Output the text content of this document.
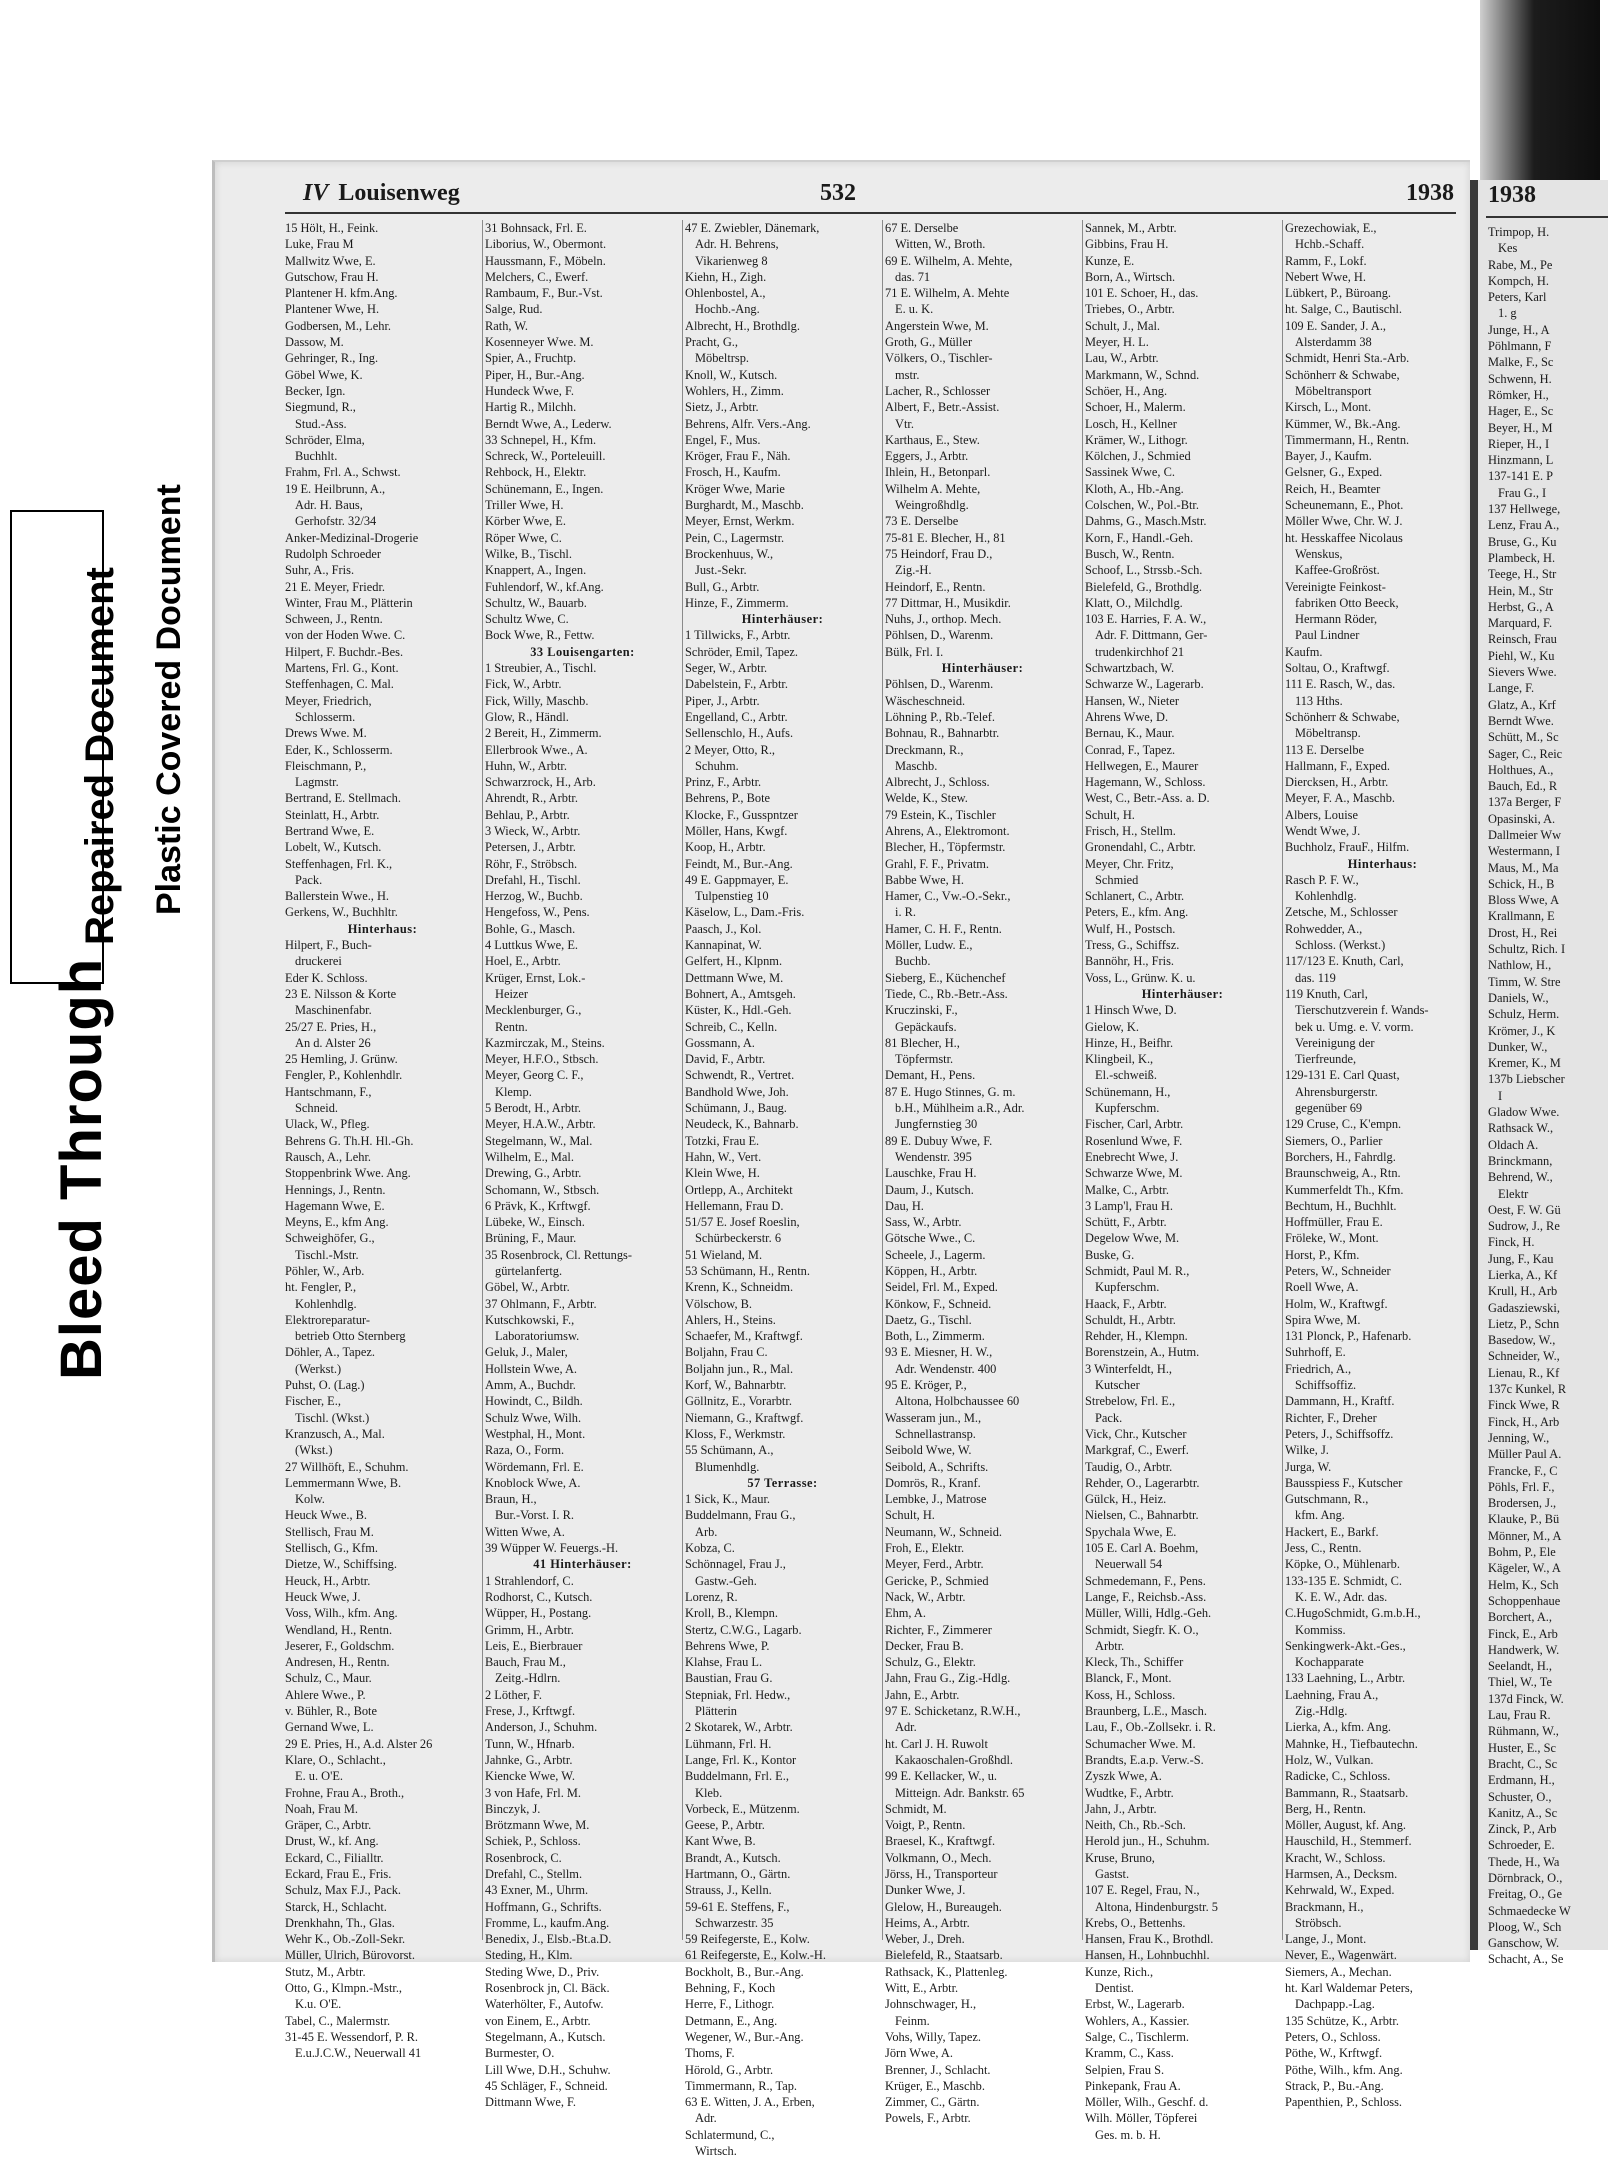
Bleed Through
Repaired Document Plastic Covered Document
IV Louisenweg	532	1938
15 Hölt, H., Feink.
Luke, Frau M
Mallwitz Wwe, E.
Gutschow, Frau H.
Plantener H. kfm.Ang.
Plantener Wwe, H.
Godbersen, M., Lehr.
Dassow, M.
Gehringer, R., Ing.
Göbel Wwe, K.
Becker, Ign.
Siegmund, R.,
Stud.-Ass.
Schröder, Elma,
Buchhlt.
Frahm, Frl. A., Schwst.
19 E. Heilbrunn, A.,
Adr. H. Baus,
Gerhofstr. 32/34
Anker-Medizinal-Drogerie
Rudolph Schroeder
Suhr, A., Fris.
21 E. Meyer, Friedr.
Winter, Frau M., Plätterin
Schween, J., Rentn.
von der Hoden Wwe. C.
Hilpert, F. Buchdr.-Bes.
Martens, Frl. G., Kont.
Steffenhagen, C. Mal.
Meyer, Friedrich,
Schlosserm.
Drews Wwe. M.
Eder, K., Schlosserm.
Fleischmann, P.,
Lagmstr.
Bertrand, E. Stellmach.
Steinlatt, H., Arbtr.
Bertrand Wwe, E.
Lobelt, W., Kutsch.
Steffenhagen, Frl. K.,
Pack.
Ballerstein Wwe., H.
Gerkens, W., Buchhltr.
Hinterhaus:
Hilpert, F., Buch-
druckerei
Eder K. Schloss.
23 E. Nilsson & Korte
Maschinenfabr.
25/27 E. Pries, H.,
An d. Alster 26
25 Hemling, J. Grünw.
Fengler, P., Kohlenhdlr.
Hantschmann, F.,
Schneid.
Ulack, W., Pfleg.
Behrens G. Th.H. Hl.-Gh.
Rausch, A., Lehr.
Stoppenbrink Wwe. Ang.
Hennings, J., Rentn.
Hagemann Wwe, E.
Meyns, E., kfm Ang.
Schweighöfer, G.,
Tischl.-Mstr.
Pöhler, W., Arb.
ht. Fengler, P.,
Kohlenhdlg.
Elektroreparatur-
betrieb Otto Sternberg
Döhler, A., Tapez.
(Werkst.)
Puhst, O. (Lag.)
Fischer, E.,
Tischl. (Wkst.)
Kranzusch, A., Mal.
(Wkst.)
27 Willhöft, E., Schuhm.
Lemmermann Wwe, B.
Kolw.
Heuck Wwe., B.
Stellisch, Frau M.
Stellisch, G., Kfm.
Dietze, W., Schiffsing.
Heuck, H., Arbtr.
Heuck Wwe, J.
Voss, Wilh., kfm. Ang.
Wendland, H., Rentn.
Jeserer, F., Goldschm.
Andresen, H., Rentn.
Schulz, C., Maur.
Ahlere Wwe., P.
v. Bühler, R., Bote
Gernand Wwe, L.
29 E. Pries, H., A.d. Alster 26
Klare, O., Schlacht.,
E. u. O'E.
Frohne, Frau A., Broth.,
Noah, Frau M.
Gräper, C., Arbtr.
Drust, W., kf. Ang.
Eckard, C., Filialltr.
Eckard, Frau E., Fris.
Schulz, Max F.J., Pack.
Starck, H., Schlacht.
Drenkhahn, Th., Glas.
Wehr K., Ob.-Zoll-Sekr.
Müller, Ulrich, Bürovorst.
Stutz, M., Arbtr.
Otto, G., Klmpn.-Mstr.,
K.u. O'E.
Tabel, C., Malermstr.
31-45 E. Wessendorf, P. R.
E.u.J.C.W., Neuerwall 41
31 Bohnsack, Frl. E.
Liborius, W., Obermont.
Haussmann, F., Möbeln.
Melchers, C., Ewerf.
Rambaum, F., Bur.-Vst.
Salge, Rud.
Rath, W.
Kosenneyer Wwe. M.
Spier, A., Fruchtp.
Piper, H., Bur.-Ang.
Hundeck Wwe, F.
Hartig R., Milchh.
Berndt Wwe, A., Lederw.
33 Schnepel, H., Kfm.
Schreck, W., Porteleuill.
Rehbock, H., Elektr.
Schünemann, E., Ingen.
Triller Wwe, H.
Körber Wwe, E.
Röper Wwe, C.
Wilke, B., Tischl.
Knappert, A., Ingen.
Fuhlendorf, W., kf.Ang.
Schultz, W., Bauarb.
Schultz Wwe, C.
Bock Wwe, R., Fettw.
33 Louisengarten:
1 Streubier, A., Tischl.
Fick, W., Arbtr.
Fick, Willy, Maschb.
Glow, R., Händl.
2 Bereit, H., Zimmerm.
Ellerbrook Wwe., A.
Huhn, W., Arbtr.
Schwarzrock, H., Arb.
Ahrendt, R., Arbtr.
Behlau, P., Arbtr.
3 Wieck, W., Arbtr.
Petersen, J., Arbtr.
Röhr, F., Ströbsch.
Drefahl, H., Tischl.
Herzog, W., Buchb.
Hengefoss, W., Pens.
Bohle, G., Masch.
4 Luttkus Wwe, E.
Hoel, E., Arbtr.
Krüger, Ernst, Lok.-
Heizer
Mecklenburger, G.,
Rentn.
Kazmirczak, M., Steins.
Meyer, H.F.O., Stbsch.
Meyer, Georg C. F.,
Klemp.
5 Berodt, H., Arbtr.
Meyer, H.A.W., Arbtr.
Stegelmann, W., Mal.
Wilhelm, E., Mal.
Drewing, G., Arbtr.
Schomann, W., Stbsch.
6 Prävk, K., Krftwgf.
Lübeke, W., Einsch.
Brüning, F., Maur.
35 Rosenbrock, Cl. Rettungs-
gürtelanfertg.
Göbel, W., Arbtr.
37 Ohlmann, F., Arbtr.
Kutschkowski, F.,
Laboratoriumsw.
Geluk, J., Maler,
Hollstein Wwe, A.
Amm, A., Buchdr.
Howindt, C., Bildh.
Schulz Wwe, Wilh.
Westphal, H., Mont.
Raza, O., Form.
Wördemann, Frl. E.
Knoblock Wwe, A.
Braun, H.,
Bur.-Vorst. I. R.
Witten Wwe, A.
39 Wüpper W. Feuergs.-H.
41 Hinterhäuser:
1 Strahlendorf, C.
Rodhorst, C., Kutsch.
Wüpper, H., Postang.
Grimm, H., Arbtr.
Leis, E., Bierbrauer
Bauch, Frau M.,
Zeitg.-Hdlrn.
2 Löther, F.
Frese, J., Krftwgf.
Anderson, J., Schuhm.
Tunn, W., Hfnarb.
Jahnke, G., Arbtr.
Kiencke Wwe, W.
3 von Hafe, Frl. M.
Binczyk, J.
Brötzmann Wwe, M.
Schiek, P., Schloss.
Rosenbrock, C.
Drefahl, C., Stellm.
43 Exner, M., Uhrm.
Hoffmann, G., Schrifts.
Fromme, L., kaufm.Ang.
Benedix, J., Elsb.-Bt.a.D.
Steding, H., Klm.
Steding Wwe, D., Priv.
Rosenbrock jn, Cl. Bäck.
Waterhölter, F., Autofw.
von Einem, E., Arbtr.
Stegelmann, A., Kutsch.
Burmester, O.
Lill Wwe, D.H., Schuhw.
45 Schläger, F., Schneid.
Dittmann Wwe, F.
47 E. Zwiebler, Dänemark,
Adr. H. Behrens,
Vikarienweg 8
Kiehn, H., Zigh.
Ohlenbostel, A.,
Hochb.-Ang.
Albrecht, H., Brothdlg.
Pracht, G.,
Möbeltrsp.
Knoll, W., Kutsch.
Wohlers, H., Zimm.
Sietz, J., Arbtr.
Behrens, Alfr. Vers.-Ang.
Engel, F., Mus.
Kröger, Frau F., Näh.
Frosch, H., Kaufm.
Kröger Wwe, Marie
Burghardt, M., Maschb.
Meyer, Ernst, Werkm.
Pein, C., Lagermstr.
Brockenhuus, W.,
Just.-Sekr.
Bull, G., Arbtr.
Hinze, F., Zimmerm.
Hinterhäuser:
1 Tillwicks, F., Arbtr.
Schröder, Emil, Tapez.
Seger, W., Arbtr.
Dabelstein, F., Arbtr.
Piper, J., Arbtr.
Engelland, C., Arbtr.
Sellenschlo, H., Aufs.
2 Meyer, Otto, R.,
Schuhm.
Prinz, F., Arbtr.
Behrens, P., Bote
Klocke, F., Gusspntzer
Möller, Hans, Kwgf.
Koop, H., Arbtr.
Feindt, M., Bur.-Ang.
49 E. Gappmayer, E.
Tulpenstieg 10
Käselow, L., Dam.-Fris.
Paasch, J., Kol.
Kannapinat, W.
Gelfert, H., Klpnm.
Dettmann Wwe, M.
Bohnert, A., Amtsgeh.
Küster, K., Hdl.-Geh.
Schreib, C., Kelln.
Gossmann, A.
David, F., Arbtr.
Schwendt, R., Vertret.
Bandhold Wwe, Joh.
Schümann, J., Baug.
Neudeck, K., Bahnarb.
Totzki, Frau E.
Hahn, W., Vert.
Klein Wwe, H.
Ortlepp, A., Architekt
Hellemann, Frau D.
51/57 E. Josef Roeslin,
Schürbeckerstr. 6
51 Wieland, M.
53 Schümann, H., Rentn.
Krenn, K., Schneidm.
Völschow, B.
Ahlers, H., Steins.
Schaefer, M., Kraftwgf.
Boljahn, Frau C.
Boljahn jun., R., Mal.
Korf, W., Bahnarbtr.
Göllnitz, E., Vorarbtr.
Niemann, G., Kraftwgf.
Kloss, F., Werkmstr.
55 Schümann, A.,
Blumenhdlg.
57 Terrasse:
1 Sick, K., Maur.
Buddelmann, Frau G.,
Arb.
Kobza, C.
Schönnagel, Frau J.,
Gastw.-Geh.
Lorenz, R.
Kroll, B., Klempn.
Stertz, C.W.G., Lagarb.
Behrens Wwe, P.
Klahse, Frau L.
Baustian, Frau G.
Stepniak, Frl. Hedw.,
Plätterin
2 Skotarek, W., Arbtr.
Lühmann, Frl. H.
Lange, Frl. K., Kontor
Buddelmann, Frl. E.,
Kleb.
Vorbeck, E., Mützenm.
Geese, P., Arbtr.
Kant Wwe, B.
Brandt, A., Kutsch.
Hartmann, O., Gärtn.
Strauss, J., Kelln.
59-61 E. Steffens, F.,
Schwarzestr. 35
59 Reifegerste, E., Kolw.
61 Reifegerste, E., Kolw.-H.
Bockholt, B., Bur.-Ang.
Behning, F., Koch
Herre, F., Lithogr.
Detmann, E., Ang.
Wegener, W., Bur.-Ang.
Thoms, F.
Hörold, G., Arbtr.
Timmermann, R., Tap.
63 E. Witten, J. A., Erben,
Adr.
Schlatermund, C.,
Wirtsch.
67 E. Derselbe
Witten, W., Broth.
69 E. Wilhelm, A. Mehte,
das. 71
71 E. Wilhelm, A. Mehte
E. u. K.
Angerstein Wwe, M.
Groth, G., Müller
Völkers, O., Tischler-
mstr.
Lacher, R., Schlosser
Albert, F., Betr.-Assist.
Vtr.
Karthaus, E., Stew.
Eggers, J., Arbtr.
Ihlein, H., Betonparl.
Wilhelm A. Mehte,
Weingroßhdlg.
73 E. Derselbe
75-81 E. Blecher, H., 81
75 Heindorf, Frau D.,
Zig.-H.
Heindorf, E., Rentn.
77 Dittmar, H., Musikdir.
Nuhs, J., orthop. Mech.
Pöhlsen, D., Warenm.
Bülk, Frl. I.
Hinterhäuser:
Pöhlsen, D., Warenm.
Wäscheschneid.
Löhning P., Rb.-Telef.
Bohnau, R., Bahnarbtr.
Dreckmann, R.,
Maschb.
Albrecht, J., Schloss.
Welde, K., Stew.
79 Estein, K., Tischler
Ahrens, A., Elektromont.
Blecher, H., Töpfermstr.
Grahl, F. F., Privatm.
Babbe Wwe, H.
Hamer, C., Vw.-O.-Sekr.,
i. R.
Hamer, C. H. F., Rentn.
Möller, Ludw. E.,
Buchb.
Sieberg, E., Küchenchef
Tiede, C., Rb.-Betr.-Ass.
Kruczinski, F.,
Gepäckaufs.
81 Blecher, H.,
Töpfermstr.
Demant, H., Pens.
87 E. Hugo Stinnes, G. m.
b.H., Mühlheim a.R., Adr.
Jungfernstieg 30
89 E. Dubuy Wwe, F.
Wendenstr. 395
Lauschke, Frau H.
Daum, J., Kutsch.
Dau, H.
Sass, W., Arbtr.
Götsche Wwe., C.
Scheele, J., Lagerm.
Köppen, H., Arbtr.
Seidel, Frl. M., Exped.
Könkow, F., Schneid.
Daetz, G., Tischl.
Both, L., Zimmerm.
93 E. Miesner, H. W.,
Adr. Wendenstr. 400
95 E. Kröger, P.,
Altona, Holbchaussee 60
Wasseram jun., M.,
Schnellastransp.
Seibold Wwe, W.
Seibold, A., Schrifts.
Domrös, R., Kranf.
Lembke, J., Matrose
Schult, H.
Neumann, W., Schneid.
Froh, E., Elektr.
Meyer, Ferd., Arbtr.
Gericke, P., Schmied
Nack, W., Arbtr.
Ehm, A.
Richter, F., Zimmerer
Decker, Frau B.
Schulz, G., Elektr.
Jahn, Frau G., Zig.-Hdlg.
Jahn, E., Arbtr.
97 E. Schicketanz, R.W.H.,
Adr.
ht. Carl J. H. Ruwolt
Kakaoschalen-Großhdl.
99 E. Kellacker, W., u.
Mitteign. Adr. Bankstr. 65
Schmidt, M.
Voigt, P., Rentn.
Braesel, K., Kraftwgf.
Volkmann, O., Mech.
Jörss, H., Transporteur
Dunker Wwe, J.
Glelow, H., Bureaugeh.
Heims, A., Arbtr.
Weber, J., Dreh.
Bielefeld, R., Staatsarb.
Rathsack, K., Plattenleg.
Witt, E., Arbtr.
Johnschwager, H.,
Feinm.
Vohs, Willy, Tapez.
Jörn Wwe, A.
Brenner, J., Schlacht.
Krüger, E., Maschb.
Zimmer, C., Gärtn.
Powels, F., Arbtr.
Sannek, M., Arbtr.
Gibbins, Frau H.
Kunze, E.
Born, A., Wirtsch.
101 E. Schoer, H., das.
Triebes, O., Arbtr.
Schult, J., Mal.
Meyer, H. L.
Lau, W., Arbtr.
Markmann, W., Schnd.
Schöer, H., Ang.
Schoer, H., Malerm.
Losch, H., Kellner
Krämer, W., Lithogr.
Kölchen, J., Schmied
Sassinek Wwe, C.
Kloth, A., Hb.-Ang.
Colschen, W., Pol.-Btr.
Dahms, G., Masch.Mstr.
Korn, F., Handl.-Geh.
Busch, W., Rentn.
Schoof, L., Strssb.-Sch.
Bielefeld, G., Brothdlg.
Klatt, O., Milchdlg.
103 E. Harries, F. A. W.,
Adr. F. Dittmann, Ger-
trudenkirchhof 21
Schwartzbach, W.
Schwarze W., Lagerarb.
Hansen, W., Nieter
Ahrens Wwe, D.
Bernau, K., Maur.
Conrad, F., Tapez.
Hellwegen, E., Maurer
Hagemann, W., Schloss.
West, C., Betr.-Ass. a. D.
Schult, H.
Frisch, H., Stellm.
Gronendahl, C., Arbtr.
Meyer, Chr. Fritz,
Schmied
Schlanert, C., Arbtr.
Peters, E., kfm. Ang.
Wulf, H., Postsch.
Tress, G., Schiffsz.
Bannöhr, H., Fris.
Voss, L., Grünw. K. u.
Hinterhäuser:
1 Hinsch Wwe, D.
Gielow, K.
Hinze, H., Beifhr.
Klingbeil, K.,
El.-schweiß.
Schünemann, H.,
Kupferschm.
Fischer, Carl, Arbtr.
Rosenlund Wwe, F.
Enebrecht Wwe, J.
Schwarze Wwe, M.
Malke, C., Arbtr.
3 Lamp'l, Frau H.
Schütt, F., Arbtr.
Degelow Wwe, M.
Buske, G.
Schmidt, Paul M. R.,
Kupferschm.
Haack, F., Arbtr.
Schuldt, H., Arbtr.
Rehder, H., Klempn.
Borenstzein, A., Hutm.
3 Winterfeldt, H.,
Kutscher
Strebelow, Frl. E.,
Pack.
Vick, Chr., Kutscher
Markgraf, C., Ewerf.
Taudig, O., Arbtr.
Rehder, O., Lagerarbtr.
Gülck, H., Heiz.
Nielsen, C., Bahnarbtr.
Spychala Wwe, E.
105 E. Carl A. Boehm,
Neuerwall 54
Schmedemann, F., Pens.
Lange, F., Reichsb.-Ass.
Müller, Willi, Hdlg.-Geh.
Schmidt, Siegfr. K. O.,
Arbtr.
Kleck, Th., Schiffer
Blanck, F., Mont.
Koss, H., Schloss.
Braunberg, L.E., Masch.
Lau, F., Ob.-Zollsekr. i. R.
Schumacher Wwe. M.
Brandts, E.a.p. Verw.-S.
Zyszk Wwe, A.
Wudtke, F., Arbtr.
Jahn, J., Arbtr.
Neith, Ch., Rb.-Sch.
Herold jun., H., Schuhm.
Kruse, Bruno,
Gastst.
107 E. Regel, Frau, N.,
Altona, Hindenburgstr. 5
Krebs, O., Bettenhs.
Hansen, Frau K., Brothdl.
Hansen, H., Lohnbuchhl.
Kunze, Rich.,
Dentist.
Erbst, W., Lagerarb.
Wohlers, A., Kassier.
Salge, C., Tischlerm.
Kramm, C., Kass.
Selpien, Frau S.
Pinkepank, Frau A.
Möller, Wilh., Geschf. d.
Wilh. Möller, Töpferei
Ges. m. b. H.
Grezechowiak, E.,
Hchb.-Schaff.
Ramm, F., Lokf.
Nebert Wwe, H.
Lübkert, P., Büroang.
ht. Salge, C., Bautischl.
109 E. Sander, J. A.,
Alsterdamm 38
Schmidt, Henri Sta.-Arb.
Schönherr & Schwabe,
Möbeltransport
Kirsch, L., Mont.
Kümmer, W., Bk.-Ang.
Timmermann, H., Rentn.
Bayer, J., Kaufm.
Gelsner, G., Exped.
Reich, H., Beamter
Scheunemann, E., Phot.
Möller Wwe, Chr. W. J.
ht. Hesskaffee Nicolaus
Wenskus,
Kaffee-Großröst.
Vereinigte Feinkost-
fabriken Otto Beeck,
Hermann Röder,
Paul Lindner
Kaufm.
Soltau, O., Kraftwgf.
111 E. Rasch, W., das.
113 Hths.
Schönherr & Schwabe,
Möbeltransp.
113 E. Derselbe
Hallmann, F., Exped.
Diercksen, H., Arbtr.
Meyer, F. A., Maschb.
Albers, Louise
Wendt Wwe, J.
Buchholz, FrauF., Hilfm.
Hinterhaus:
Rasch P. F. W.,
Kohlenhdlg.
Zetsche, M., Schlosser
Rohwedder, A.,
Schloss. (Werkst.)
117/123 E. Knuth, Carl,
das. 119
119 Knuth, Carl,
Tierschutzverein f. Wands-
bek u. Umg. e. V. vorm.
Vereinigung der
Tierfreunde,
129-131 E. Carl Quast,
Ahrensburgerstr.
gegenüber 69
129 Cruse, C., K'empn.
Siemers, O., Parlier
Borchers, H., Fahrdlg.
Braunschweig, A., Rtn.
Kummerfeldt Th., Kfm.
Bechtum, H., Buchhlt.
Hoffmüller, Frau E.
Fröleke, W., Mont.
Horst, P., Kfm.
Peters, W., Schneider
Roell Wwe, A.
Holm, W., Kraftwgf.
Spira Wwe, M.
131 Plonck, P., Hafenarb.
Suhrhoff, E.
Friedrich, A.,
Schiffsoffiz.
Dammann, H., Kraftf.
Richter, F., Dreher
Peters, J., Schiffsoffz.
Wilke, J.
Jurga, W.
Bausspiess F., Kutscher
Gutschmann, R.,
kfm. Ang.
Hackert, E., Barkf.
Jess, C., Rentn.
Köpke, O., Mühlenarb.
133-135 E. Schmidt, C.
K. E. W., Adr. das.
C.HugoSchmidt, G.m.b.H.,
Kommiss.
Senkingwerk-Akt.-Ges.,
Kochapparate
133 Laehning, L., Arbtr.
Laehning, Frau A.,
Zig.-Hdlg.
Lierka, A., kfm. Ang.
Mahnke, H., Tiefbautechn.
Holz, W., Vulkan.
Radicke, C., Schloss.
Bammann, R., Staatsarb.
Berg, H., Rentn.
Möller, August, kf. Ang.
Hauschild, H., Stemmerf.
Kracht, W., Schloss.
Harmsen, A., Decksm.
Kehrwald, W., Exped.
Brackmann, H.,
Ströbsch.
Lange, J., Mont.
Never, E., Wagenwärt.
Siemers, A., Mechan.
ht. Karl Waldemar Peters,
Dachpapp.-Lag.
135 Schütze, K., Arbtr.
Peters, O., Schloss.
Pöthe, W., Krftwgf.
Pöthe, Wilh., kfm. Ang.
Strack, P., Bu.-Ang.
Papenthien, P., Schloss.
1938
Trimpop, H.
Kes
Rabe, M., Pe
Kompch, H.
Peters, Karl
1. g
Junge, H., A
Pöhlmann, F
Malke, F., Sc
Schwenn, H.
Römker, H.,
Hager, E., Sc
Beyer, H., M
Rieper, H., I
Hinzmann, L
137-141 E. P
Frau G., I
137 Hellwege,
Lenz, Frau A.,
Bruse, G., Ku
Plambeck, H.
Teege, H., Str
Hein, M., Str
Herbst, G., A
Marquard, F.
Reinsch, Frau
Piehl, W., Ku
Sievers Wwe.
Lange, F.
Glatz, A., Krf
Berndt Wwe.
Schütt, M., Sc
Sager, C., Reic
Holthues, A.,
Bauch, Ed., R
137a Berger, F
Opasinski, A.
Dallmeier Ww
Westermann, I
Maus, M., Ma
Schick, H., B
Bloss Wwe, A
Krallmann, E
Drost, H., Rei
Schultz, Rich. I
Nathlow, H.,
Timm, W. Stre
Daniels, W.,
Schulz, Herm.
Krömer, J., K
Dunker, W.,
Kremer, K., M
137b Liebscher
I
Gladow Wwe.
Rathsack W.,
Oldach A.
Brinckmann,
Behrend, W.,
Elektr
Oest, F. W. Gü
Sudrow, J., Re
Finck, H.
Jung, F., Kau
Lierka, A., Kf
Krull, H., Arb
Gadasziewski,
Lietz, P., Schn
Basedow, W.,
Schneider, W.,
Lienau, R., Kf
137c Kunkel, R
Finck Wwe, R
Finck, H., Arb
Jenning, W.,
Müller Paul A.
Francke, F., C
Pöhls, Frl. F.,
Brodersen, J.,
Klauke, P., Bü
Mönner, M., A
Bohm, P., Ele
Kägeler, W., A
Helm, K., Sch
Schoppenhaue
Borchert, A.,
Finck, E., Arb
Handwerk, W.
Seelandt, H.,
Thiel, W., Te
137d Finck, W.
Lau, Frau R.
Rühmann, W.,
Huster, E., Sc
Bracht, C., Sc
Erdmann, H.,
Schuster, O.,
Kanitz, A., Sc
Zinck, P., Arb
Schroeder, E.
Thede, H., Wa
Dörnbrack, O.,
Freitag, O., Ge
Schmaedecke W
Ploog, W., Sch
Ganschow, W.
Schacht, A., Se
